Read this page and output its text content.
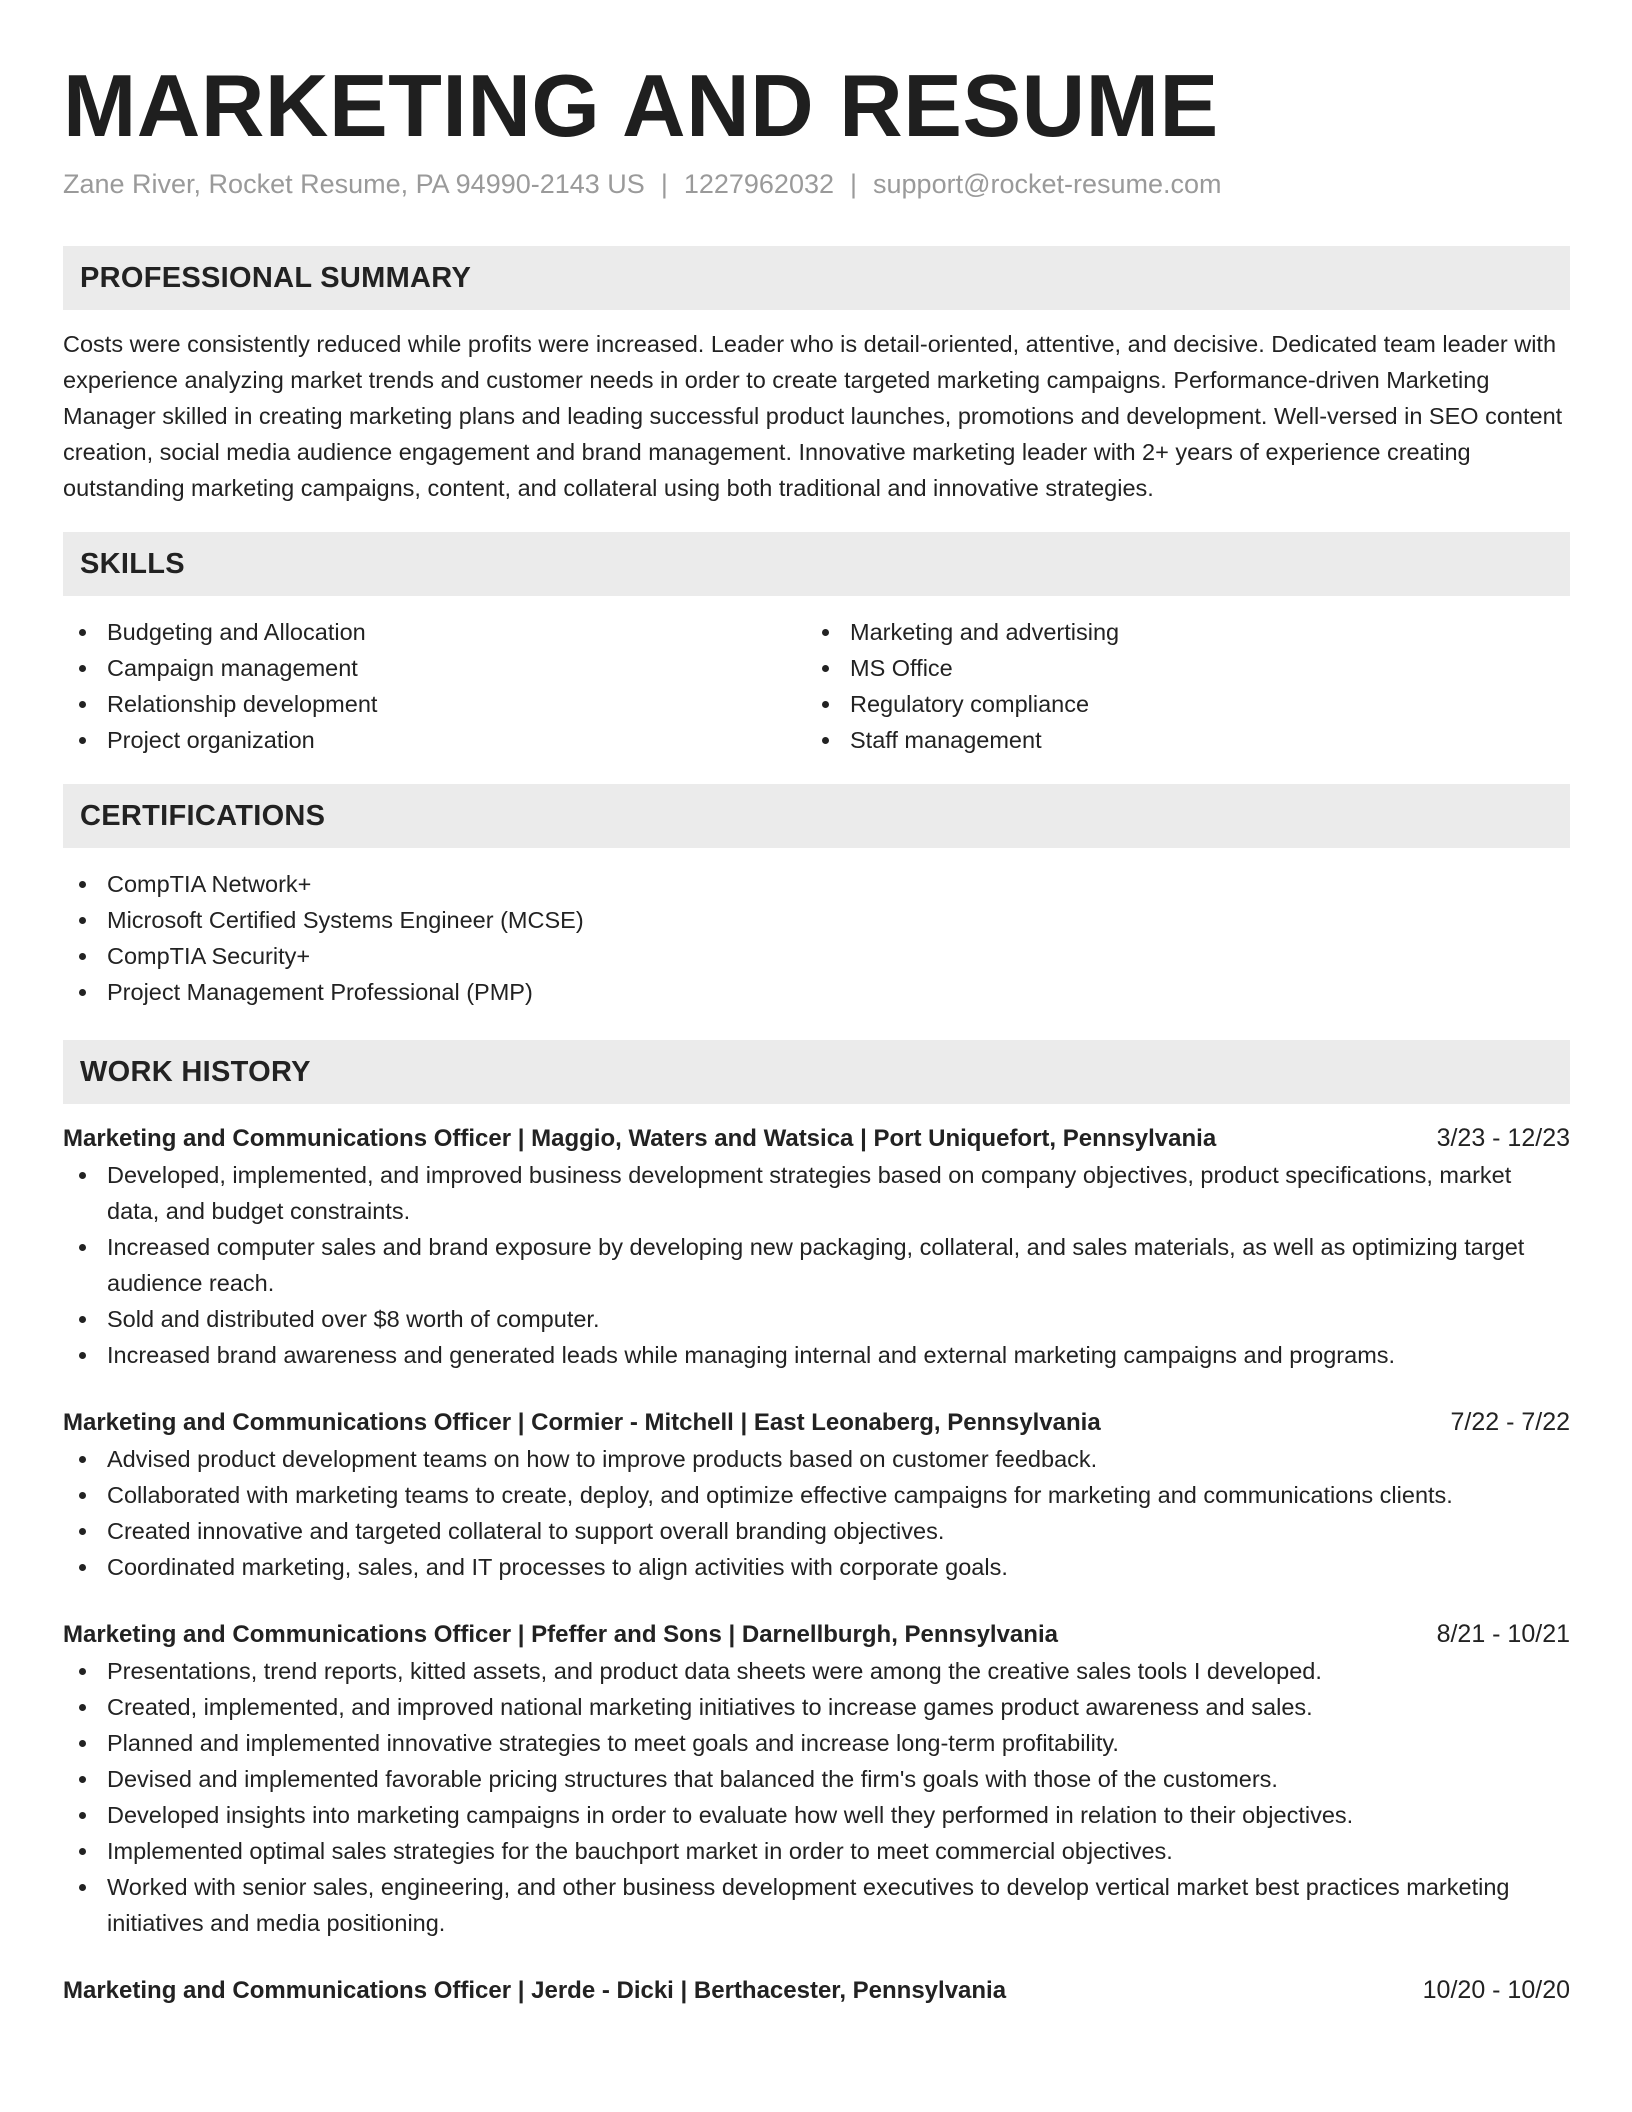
MARKETING AND RESUME
Zane River, Rocket Resume, PA 94990-2143 US | 1227962032 | support@rocket-resume.com
PROFESSIONAL SUMMARY

Costs were consistently reduced while profits were increased. Leader who is detail-oriented, attentive, and decisive. Dedicated team leader with experience analyzing market trends and customer needs in order to create targeted marketing campaigns. Performance-driven Marketing Manager skilled in creating marketing plans and leading successful product launches, promotions and development. Well-versed in SEO content creation, social media audience engagement and brand management. Innovative marketing leader with 2+ years of experience creating outstanding marketing campaigns, content, and collateral using both traditional and innovative strategies.

SKILLS
Budgeting and Allocation
Campaign management
Relationship development
Project organization
Marketing and advertising
MS Office
Regulatory compliance
Staff management
CERTIFICATIONS
CompTIA Network+
Microsoft Certified Systems Engineer (MCSE)
CompTIA Security+
Project Management Professional (PMP)
WORK HISTORY
Marketing and Communications Officer | Maggio, Waters and Watsica | Port Uniquefort, Pennsylvania	3/23 - 12/23
Developed, implemented, and improved business development strategies based on company objectives, product specifications, market data, and budget constraints.
Increased computer sales and brand exposure by developing new packaging, collateral, and sales materials, as well as optimizing target audience reach.
Sold and distributed over $8 worth of computer.
Increased brand awareness and generated leads while managing internal and external marketing campaigns and programs.
Marketing and Communications Officer | Cormier - Mitchell | East Leonaberg, Pennsylvania	7/22 - 7/22
Advised product development teams on how to improve products based on customer feedback.
Collaborated with marketing teams to create, deploy, and optimize effective campaigns for marketing and communications clients.
Created innovative and targeted collateral to support overall branding objectives.
Coordinated marketing, sales, and IT processes to align activities with corporate goals.
Marketing and Communications Officer | Pfeffer and Sons | Darnellburgh, Pennsylvania	8/21 - 10/21
Presentations, trend reports, kitted assets, and product data sheets were among the creative sales tools I developed.
Created, implemented, and improved national marketing initiatives to increase games product awareness and sales.
Planned and implemented innovative strategies to meet goals and increase long-term profitability.
Devised and implemented favorable pricing structures that balanced the firm's goals with those of the customers.
Developed insights into marketing campaigns in order to evaluate how well they performed in relation to their objectives.
Implemented optimal sales strategies for the bauchport market in order to meet commercial objectives.
Worked with senior sales, engineering, and other business development executives to develop vertical market best practices marketing initiatives and media positioning.
Marketing and Communications Officer | Jerde - Dicki | Berthacester, Pennsylvania	10/20 - 10/20
